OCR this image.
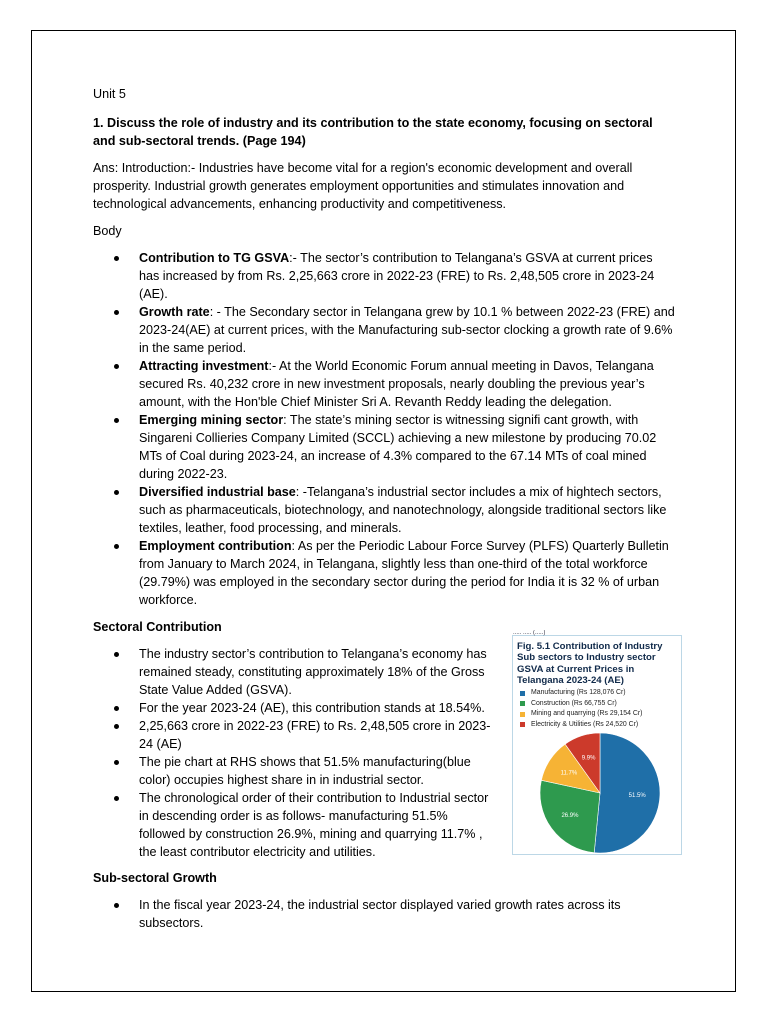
Unit 5

1. Discuss the role of industry and its contribution to the state economy, focusing on sectoral and sub-sectoral trends. (Page 194)

Ans: Introduction:- Industries have become vital for a region's economic development and overall prosperity. Industrial growth generates employment opportunities and stimulates innovation and technological advancements, enhancing productivity and competitiveness.

Body

Contribution to TG GSVA:- The sector’s contribution to Telangana’s GSVA at current prices has increased by from Rs. 2,25,663 crore in 2022-23 (FRE) to Rs. 2,48,505 crore in 2023-24 (AE).
Growth rate: - The Secondary sector in Telangana grew by 10.1 % between 2022-23 (FRE) and 2023-24(AE) at current prices, with the Manufacturing sub-sector clocking a growth rate of 9.6% in the same period.
Attracting investment:- At the World Economic Forum annual meeting in Davos, Telangana secured Rs. 40,232 crore in new investment proposals, nearly doubling the previous year’s amount, with the Hon'ble Chief Minister Sri A. Revanth Reddy leading the delegation.
Emerging mining sector: The state’s mining sector is witnessing signifi cant growth, with Singareni Collieries Company Limited (SCCL) achieving a new milestone by producing 70.02 MTs of Coal during 2023-24, an increase of 4.3% compared to the 67.14 MTs of coal mined during 2022-23.
Diversified industrial base: -Telangana’s industrial sector includes a mix of hightech sectors, such as pharmaceuticals, biotechnology, and nanotechnology, alongside traditional sectors like textiles, leather, food processing, and minerals.
Employment contribution: As per the Periodic Labour Force Survey (PLFS) Quarterly Bulletin from January to March 2024, in Telangana, slightly less than one-third of the total workforce (29.79%) was employed in the secondary sector during the period for India it is 32 % of urban workforce.

Sectoral Contribution

The industry sector’s contribution to Telangana’s economy has remained steady, constituting approximately 18% of the Gross State Value Added (GSVA).
For the year 2023-24 (AE), this contribution stands at 18.54%.
2,25,663 crore in 2022-23 (FRE) to Rs. 2,48,505 crore in 2023-24 (AE)
The pie chart at RHS shows that 51.5% manufacturing(blue color) occupies highest share in in industrial sector.
The chronological order of their contribution to Industrial sector in descending order is as follows- manufacturing 51.5% followed by construction 26.9%, mining and quarrying 11.7% , the least contributor electricity and utilities.

Sub-sectoral Growth

In the fiscal year 2023-24, the industrial sector displayed varied growth rates across its subsectors.
..... ..... (.....)
Fig. 5.1 Contribution of Industry Sub sectors to Industry sector GSVA at Current Prices in Telangana 2023-24 (AE)
Manufacturing (Rs 128,076 Cr)
Construction (Rs 66,755 Cr)
Mining and quarrying (Rs 29,154 Cr)
Electricity & Utilities (Rs 24,520 Cr)
51.5%
26.9%
11.7%
9.9%
